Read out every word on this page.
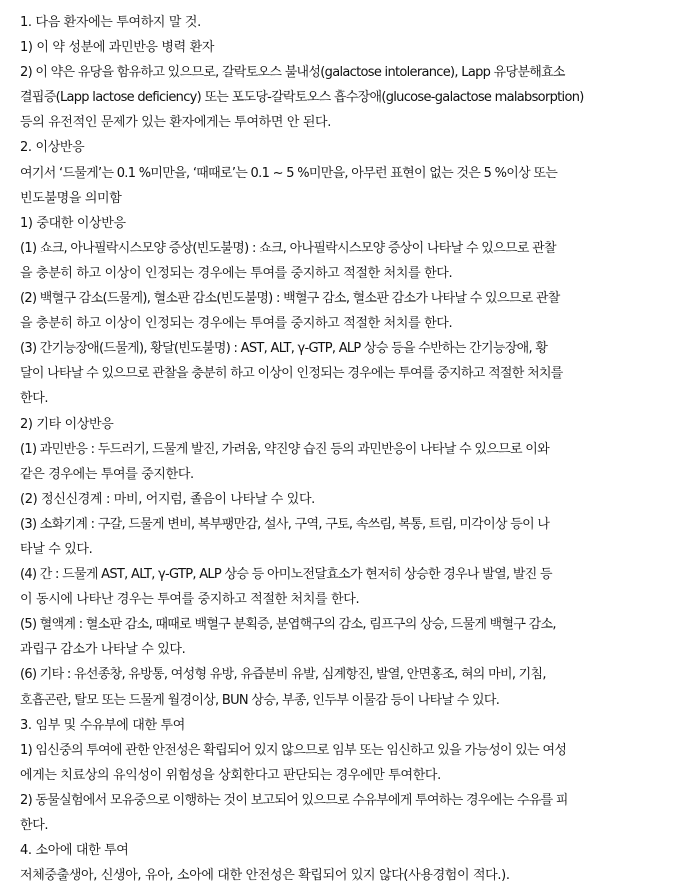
1. 다음 환자에는 투여하지 말 것.
1) 이 약 성분에 과민반응 병력 환자
2) 이 약은 유당을 함유하고 있으므로, 갈락토오스 불내성(galactose intolerance), Lapp 유당분해효소
결핍증(Lapp lactose deficiency) 또는 포도당-갈락토오스 흡수장애(glucose-galactose malabsorption)
등의 유전적인 문제가 있는 환자에게는 투여하면 안 된다.
2. 이상반응
여기서 ‘드물게’는 0.1 %미만을, ‘때때로’는 0.1 ~ 5 %미만을, 아무런 표현이 없는 것은 5 %이상 또는
빈도불명을 의미함
1) 중대한 이상반응
(1) 쇼크, 아나필락시스모양 증상(빈도불명) : 쇼크, 아나필락시스모양 증상이 나타날 수 있으므로 관찰
을 충분히 하고 이상이 인정되는 경우에는 투여를 중지하고 적절한 처치를 한다.
(2) 백혈구 감소(드물게), 혈소판 감소(빈도불명) : 백혈구 감소, 혈소판 감소가 나타날 수 있으므로 관찰
을 충분히 하고 이상이 인정되는 경우에는 투여를 중지하고 적절한 처치를 한다.
(3) 간기능장애(드물게), 황달(빈도불명) : AST, ALT, γ-GTP, ALP 상승 등을 수반하는 간기능장애, 황
달이 나타날 수 있으므로 관찰을 충분히 하고 이상이 인정되는 경우에는 투여를 중지하고 적절한 처치를
한다.
2) 기타 이상반응
(1) 과민반응 : 두드러기, 드물게 발진, 가려움, 약진양 습진 등의 과민반응이 나타날 수 있으므로 이와
같은 경우에는 투여를 중지한다.
(2) 정신신경계 : 마비, 어지럼, 졸음이 나타날 수 있다.
(3) 소화기계 : 구갈, 드물게 변비, 복부팽만감, 설사, 구역, 구토, 속쓰림, 복통, 트림, 미각이상 등이 나
타날 수 있다.
(4) 간 : 드물게 AST, ALT, γ-GTP, ALP 상승 등 아미노전달효소가 현저히 상승한 경우나 발열, 발진 등
이 동시에 나타난 경우는 투여를 중지하고 적절한 처치를 한다.
(5) 혈액계 : 혈소판 감소, 때때로 백혈구 분획증, 분엽핵구의 감소, 림프구의 상승, 드물게 백혈구 감소,
과립구 감소가 나타날 수 있다.
(6) 기타 : 유선종창, 유방통, 여성형 유방, 유즙분비 유발, 심계항진, 발열, 안면홍조, 혀의 마비, 기침,
호흡곤란, 탈모 또는 드물게 월경이상, BUN 상승, 부종, 인두부 이물감 등이 나타날 수 있다.
3. 임부 및 수유부에 대한 투여
1) 임신중의 투여에 관한 안전성은 확립되어 있지 않으므로 임부 또는 임신하고 있을 가능성이 있는 여성
에게는 치료상의 유익성이 위험성을 상회한다고 판단되는 경우에만 투여한다.
2) 동물실험에서 모유중으로 이행하는 것이 보고되어 있으므로 수유부에게 투여하는 경우에는 수유를 피
한다.
4. 소아에 대한 투여
저체중출생아, 신생아, 유아, 소아에 대한 안전성은 확립되어 있지 않다(사용경험이 적다.).
